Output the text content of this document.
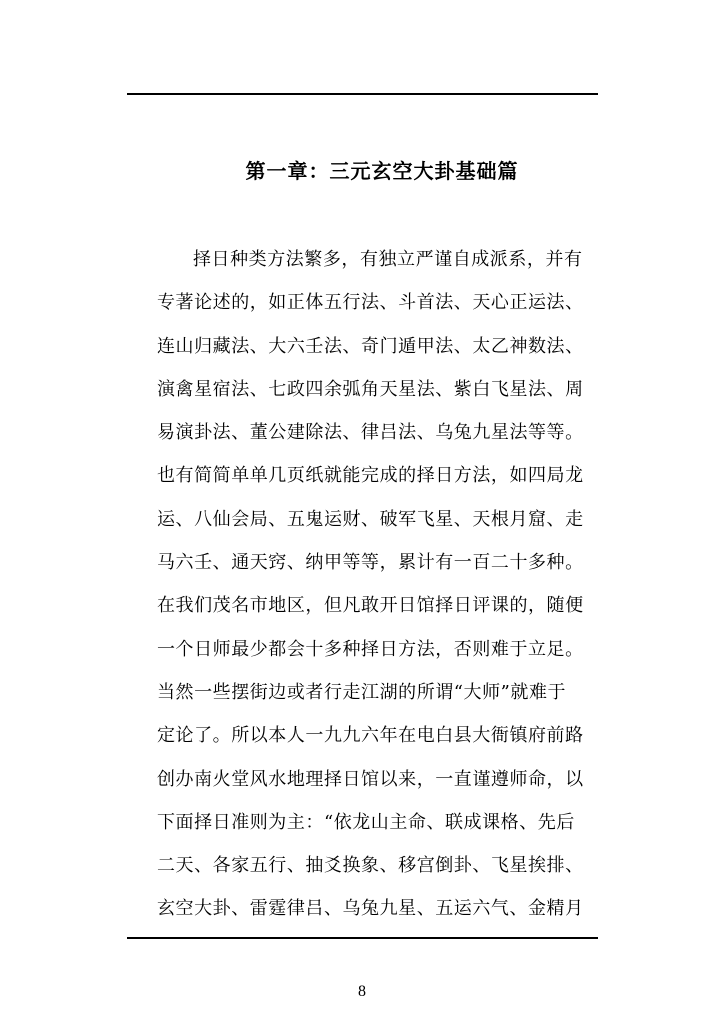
第一章：三元玄空大卦基础篇
择日种类方法繁多，有独立严谨自成派系，并有
专著论述的，如正体五行法、斗首法、天心正运法、
连山归藏法、大六壬法、奇门遁甲法、太乙神数法、
演禽星宿法、七政四余弧角天星法、紫白飞星法、周
易演卦法、董公建除法、律吕法、乌兔九星法等等。
也有简简单单几页纸就能完成的择日方法，如四局龙
运、八仙会局、五鬼运财、破军飞星、天根月窟、走
马六壬、通天窍、纳甲等等，累计有一百二十多种。
在我们茂名市地区，但凡敢开日馆择日评课的，随便
一个日师最少都会十多种择日方法，否则难于立足。
当然一些摆街边或者行走江湖的所谓“大师”就难于
定论了。所以本人一九九六年在电白县大衙镇府前路
创办南火堂风水地理择日馆以来，一直谨遵师命，以
下面择日准则为主：“依龙山主命、联成课格、先后
二天、各家五行、抽爻换象、移宫倒卦、飞星挨排、
玄空大卦、雷霆律吕、乌兔九星、五运六气、金精月
8
